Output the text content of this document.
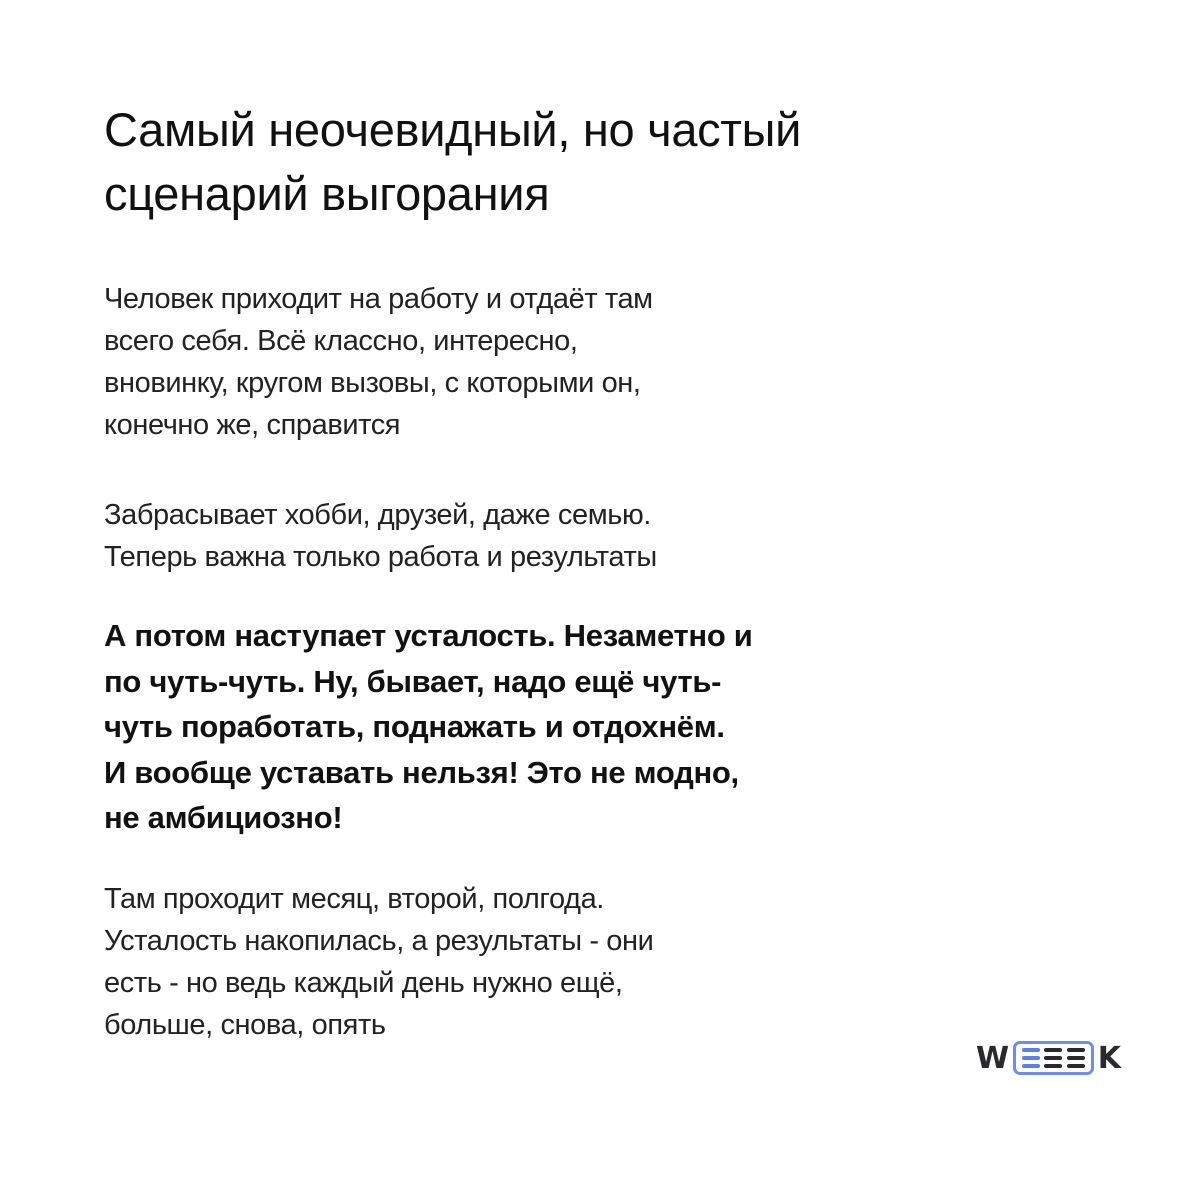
Самый неочевидный, но частый
сценарий выгорания

Человек приходит на работу и отдаёт там
всего себя. Всё классно, интересно,
вновинку, кругом вызовы, с которыми он,
конечно же, справится

Забрасывает хобби, друзей, даже семью.
Теперь важна только работа и результаты

А потом наступает усталость. Незаметно и
по чуть-чуть. Ну, бывает, надо ещё чуть-
чуть поработать, поднажать и отдохнём.
И вообще уставать нельзя! Это не модно,
не амбициозно!

Там проходит месяц, второй, полгода.
Усталость накопилась, а результаты - они
есть - но ведь каждый день нужно ещё,
больше, снова, опять

W	K
